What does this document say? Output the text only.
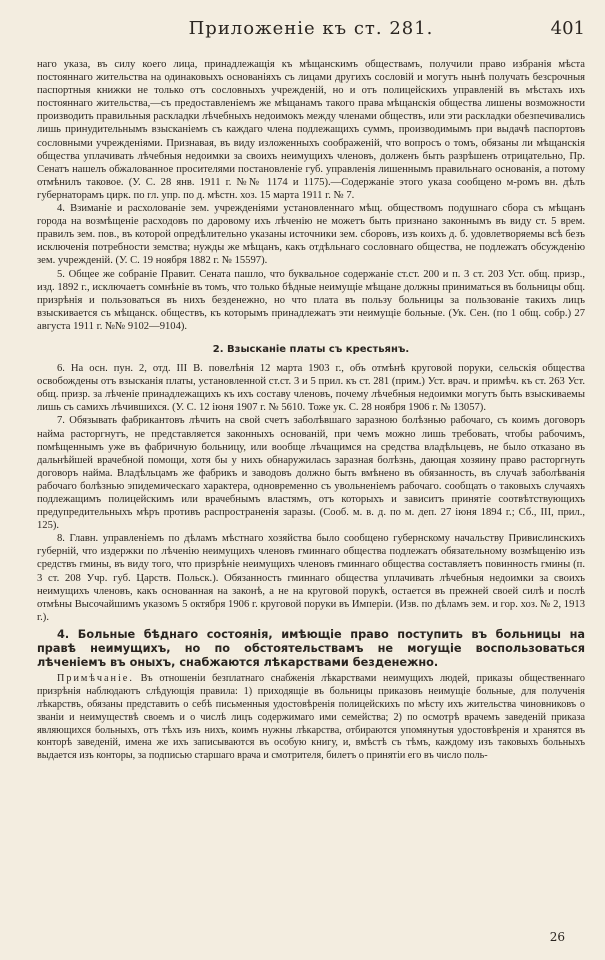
Приложенiе къ ст. 281.	401

наго указа, въ силу коего лица, принадлежащiя къ мѣщанскимъ обществамъ, получили право избранiя мѣста постояннаго жительства на одинаковыхъ основанiяхъ съ лицами другихъ сословiй и могутъ нынѣ получать безсрочныя паспортныя книжки не только отъ сословныхъ учрежденiй, но и отъ полицейскихъ управленiй въ мѣстахъ ихъ постояннаго жительства,—съ предоставленiемъ же мѣщанамъ такого права мѣщанскiя общества лишены возможности производить правильныя раскладки лѣчебныхъ недоимокъ между членами обществъ, или эти раскладки обезпечивались лишь принудительнымъ взысканiемъ съ каждаго члена подлежащихъ суммъ, производимымъ при выдачѣ паспортовъ сословными учрежденiями. Признавая, въ виду изложенныхъ соображенiй, что вопросъ о томъ, обязаны ли мѣщанскiя общества уплачивать лѣчебныя недоимки за своихъ неимущихъ членовъ, долженъ быть разрѣшенъ отрицательно, Пр. Сенатъ нашелъ обжалованное просителями постановленiе губ. управленiя лишеннымъ правильнаго основанiя, а потому отмѣнилъ таковое. (У. С. 28 янв. 1911 г. №№ 1174 и 1175).—Содержанiе этого указа сообщено м-ромъ вн. дѣлъ губернаторамъ цирк. по гл. упр. по д. мѣстн. хоз. 15 марта 1911 г. № 7.

4. Взиманiе и расхолованiе зем. учрежденiями установленнаго мѣщ. обществомъ подушнаго сбора съ мѣщанъ города на возмѣщенiе расходовъ по даровому ихъ лѣченiю не можетъ быть признано законнымъ въ виду ст. 5 врем. правилъ зем. пов., въ которой опредѣлительно указаны источники зем. сборовъ, изъ коихъ д. б. удовлетворяемы всѣ безъ исключенiя потребности земства; нужды же мѣщанъ, какъ отдѣльнаго сословнаго общества, не подлежатъ обсужденiю зем. учрежденiй. (У. С. 19 ноября 1882 г. № 15597).

5. Общее же собранiе Правит. Сената пашло, что буквальное содержанiе ст.ст. 200 и п. 3 ст. 203 Уст. общ. призр., изд. 1892 г., исключаетъ сомнѣнiе въ томъ, что только бѣдные неимущiе мѣщане должны приниматься въ больницы общ. призрѣнiя и пользоваться въ нихъ безденежно, но что плата въ пользу больницы за пользованiе такихъ лицъ взыскивается съ мѣщанск. обществъ, къ которымъ принадлежатъ эти неимущiе больные. (Ук. Сен. (по 1 общ. собр.) 27 августа 1911 г. №№ 9102—9104).

2. Взысканiе платы съ крестьянъ.

6. На осн. пун. 2, отд. III В. повелѣнiя 12 марта 1903 г., объ отмѣнѣ круговой поруки, сельскiя общества освобождены отъ взысканiя платы, установленной ст.ст. 3 и 5 прил. къ ст. 281 (прим.) Уст. врач. и примѣч. къ ст. 263 Уст. общ. призр. за лѣченiе принадлежащихъ къ ихъ составу членовъ, почему лѣчебныя недоимки могутъ быть взыскиваемы лишь съ самихъ лѣчившихся. (У. С. 12 iюня 1907 г. № 5610. Тоже ук. С. 28 ноября 1906 г. № 13057).

7. Обязывать фабрикантовъ лѣчить на свой счетъ заболѣвшаго заразною болѣзнью рабочаго, съ коимъ договоръ найма расторгнутъ, не представляется законныхъ основанiй, при чемъ можно лишь требовать, чтобы рабочимъ, помѣщеннымъ уже въ фабричную больницу, или вообще лѣчащимся на средства владѣльцевъ, не было отказано въ дальнѣйшей врачебной помощи, хотя бы у нихъ обнаружилась заразная болѣзнь, дающая хозяину право расторгнуть договоръ найма. Владѣльцамъ же фабрикъ и заводовъ должно быть вмѣнено въ обязанность, въ случаѣ заболѣванiя рабочаго болѣзнью эпидемическаго характера, одновременно съ увольненiемъ рабочаго. сообщать о таковыхъ случаяхъ подлежащимъ полицейскимъ или врачебнымъ властямъ, отъ которыхъ и зависитъ принятiе соотвѣтствующихъ предупредительныхъ мѣръ противъ распространенiя заразы. (Сооб. м. в. д. по м. деп. 27 iюня 1894 г.; Сб., III, прил., 125).

8. Главн. управленiемъ по дѣламъ мѣстнаго хозяйства было сообщено губернскому начальству Привислинскихъ губернiй, что издержки по лѣченiю неимущихъ членовъ гминнаго общества подлежатъ обязательному возмѣщенiю изъ средствъ гмины, въ виду того, что призрѣнiе неимущихъ членовъ гминнаго общества составляетъ повинность гмины (п. 3 ст. 208 Учр. губ. Царств. Польск.). Обязанность гминнаго общества уплачивать лѣчебныя недоимки за своихъ неимущихъ членовъ, какъ основанная на законѣ, а не на круговой порукѣ, остается въ прежней своей силѣ и послѣ отмѣны Высочайшимъ указомъ 5 октября 1906 г. круговой поруки въ Имперiи. (Изв. по дѣламъ зем. и гор. хоз. № 2, 1913 г.).

4. Больные бѣднаго состоянiя, имѣющiе право поступить въ больницы на правѣ неимущихъ, но по обстоятельствамъ не могущiе воспользоваться лѣченiемъ въ оныхъ, снабжаются лѣкарствами безденежно.

Примѣчанiе. Въ отношенiи безплатнаго снабженiя лѣкарствами неимущихъ людей, приказы общественнаго призрѣнiя наблюдаютъ слѣдующiя правила: 1) приходящiе въ больницы приказовъ неимущiе больные, для полученiя лѣкарствъ, обязаны представить о себѣ письменныя удостовѣренiя полицейскихъ по мѣсту ихъ жительства чиновниковъ о званiи и неимуществѣ своемъ и о числѣ лицъ содержимаго ими семейства; 2) по осмотрѣ врачемъ заведенiй приказа являющихся больныхъ, отъ тѣхъ изъ нихъ, коимъ нужны лѣкарства, отбираются упомянутыя удостовѣренiя и хранятся въ конторѣ заведенiй, имена же ихъ записываются въ особую книгу, и, вмѣстѣ съ тѣмъ, каждому изъ таковыхъ больныхъ выдается изъ конторы, за подписью старшаго врача и смотрителя, билетъ о принятiи его въ число поль-

26
